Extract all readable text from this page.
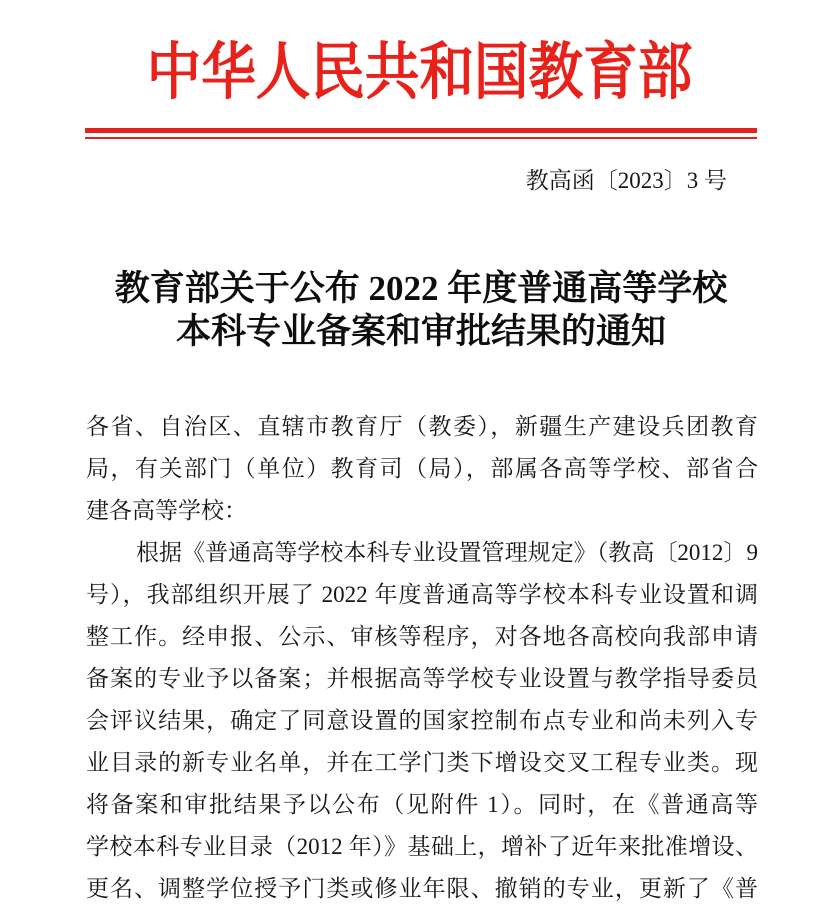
中华人民共和国教育部
教高函〔2023〕3 号
教育部关于公布 2022 年度普通高等学校
本科专业备案和审批结果的通知
各省、自治区、直辖市教育厅（教委），新疆生产建设兵团教育
局，有关部门（单位）教育司（局），部属各高等学校、部省合
建各高等学校：
根据《普通高等学校本科专业设置管理规定》（教高〔2012〕9
号），我部组织开展了 2022 年度普通高等学校本科专业设置和调
整工作。经申报、公示、审核等程序，对各地各高校向我部申请
备案的专业予以备案；并根据高等学校专业设置与教学指导委员
会评议结果，确定了同意设置的国家控制布点专业和尚未列入专
业目录的新专业名单，并在工学门类下增设交叉工程专业类。现
将备案和审批结果予以公布（见附件 1）。同时，在《普通高等
学校本科专业目录（2012 年）》基础上，增补了近年来批准增设、
更名、调整学位授予门类或修业年限、撤销的专业，更新了《普
